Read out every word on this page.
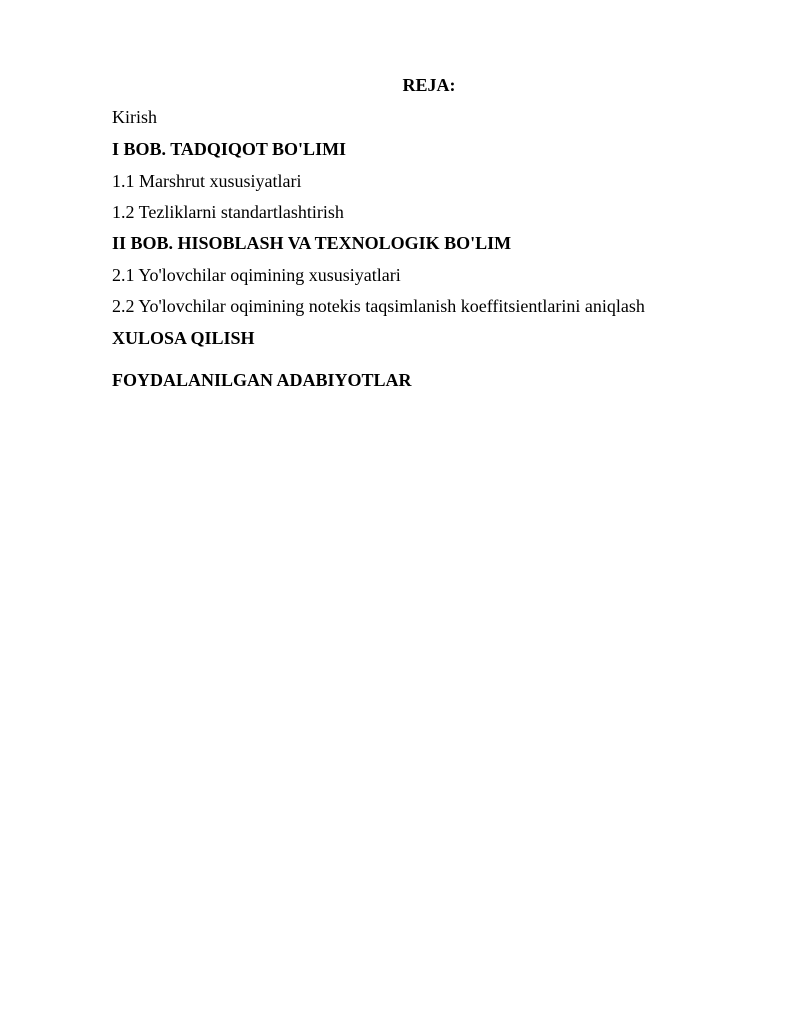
REJA:
Kirish
I BOB. TADQIQOT BO'LIMI
1.1 Marshrut xususiyatlari
1.2 Tezliklarni standartlashtirish
II BOB. HISOBLASH VA TEXNOLOGIK BO'LIM
2.1 Yo'lovchilar oqimining xususiyatlari
2.2 Yo'lovchilar oqimining notekis taqsimlanish koeffitsientlarini aniqlash
XULOSA QILISH
FOYDALANILGAN ADABIYOTLAR
